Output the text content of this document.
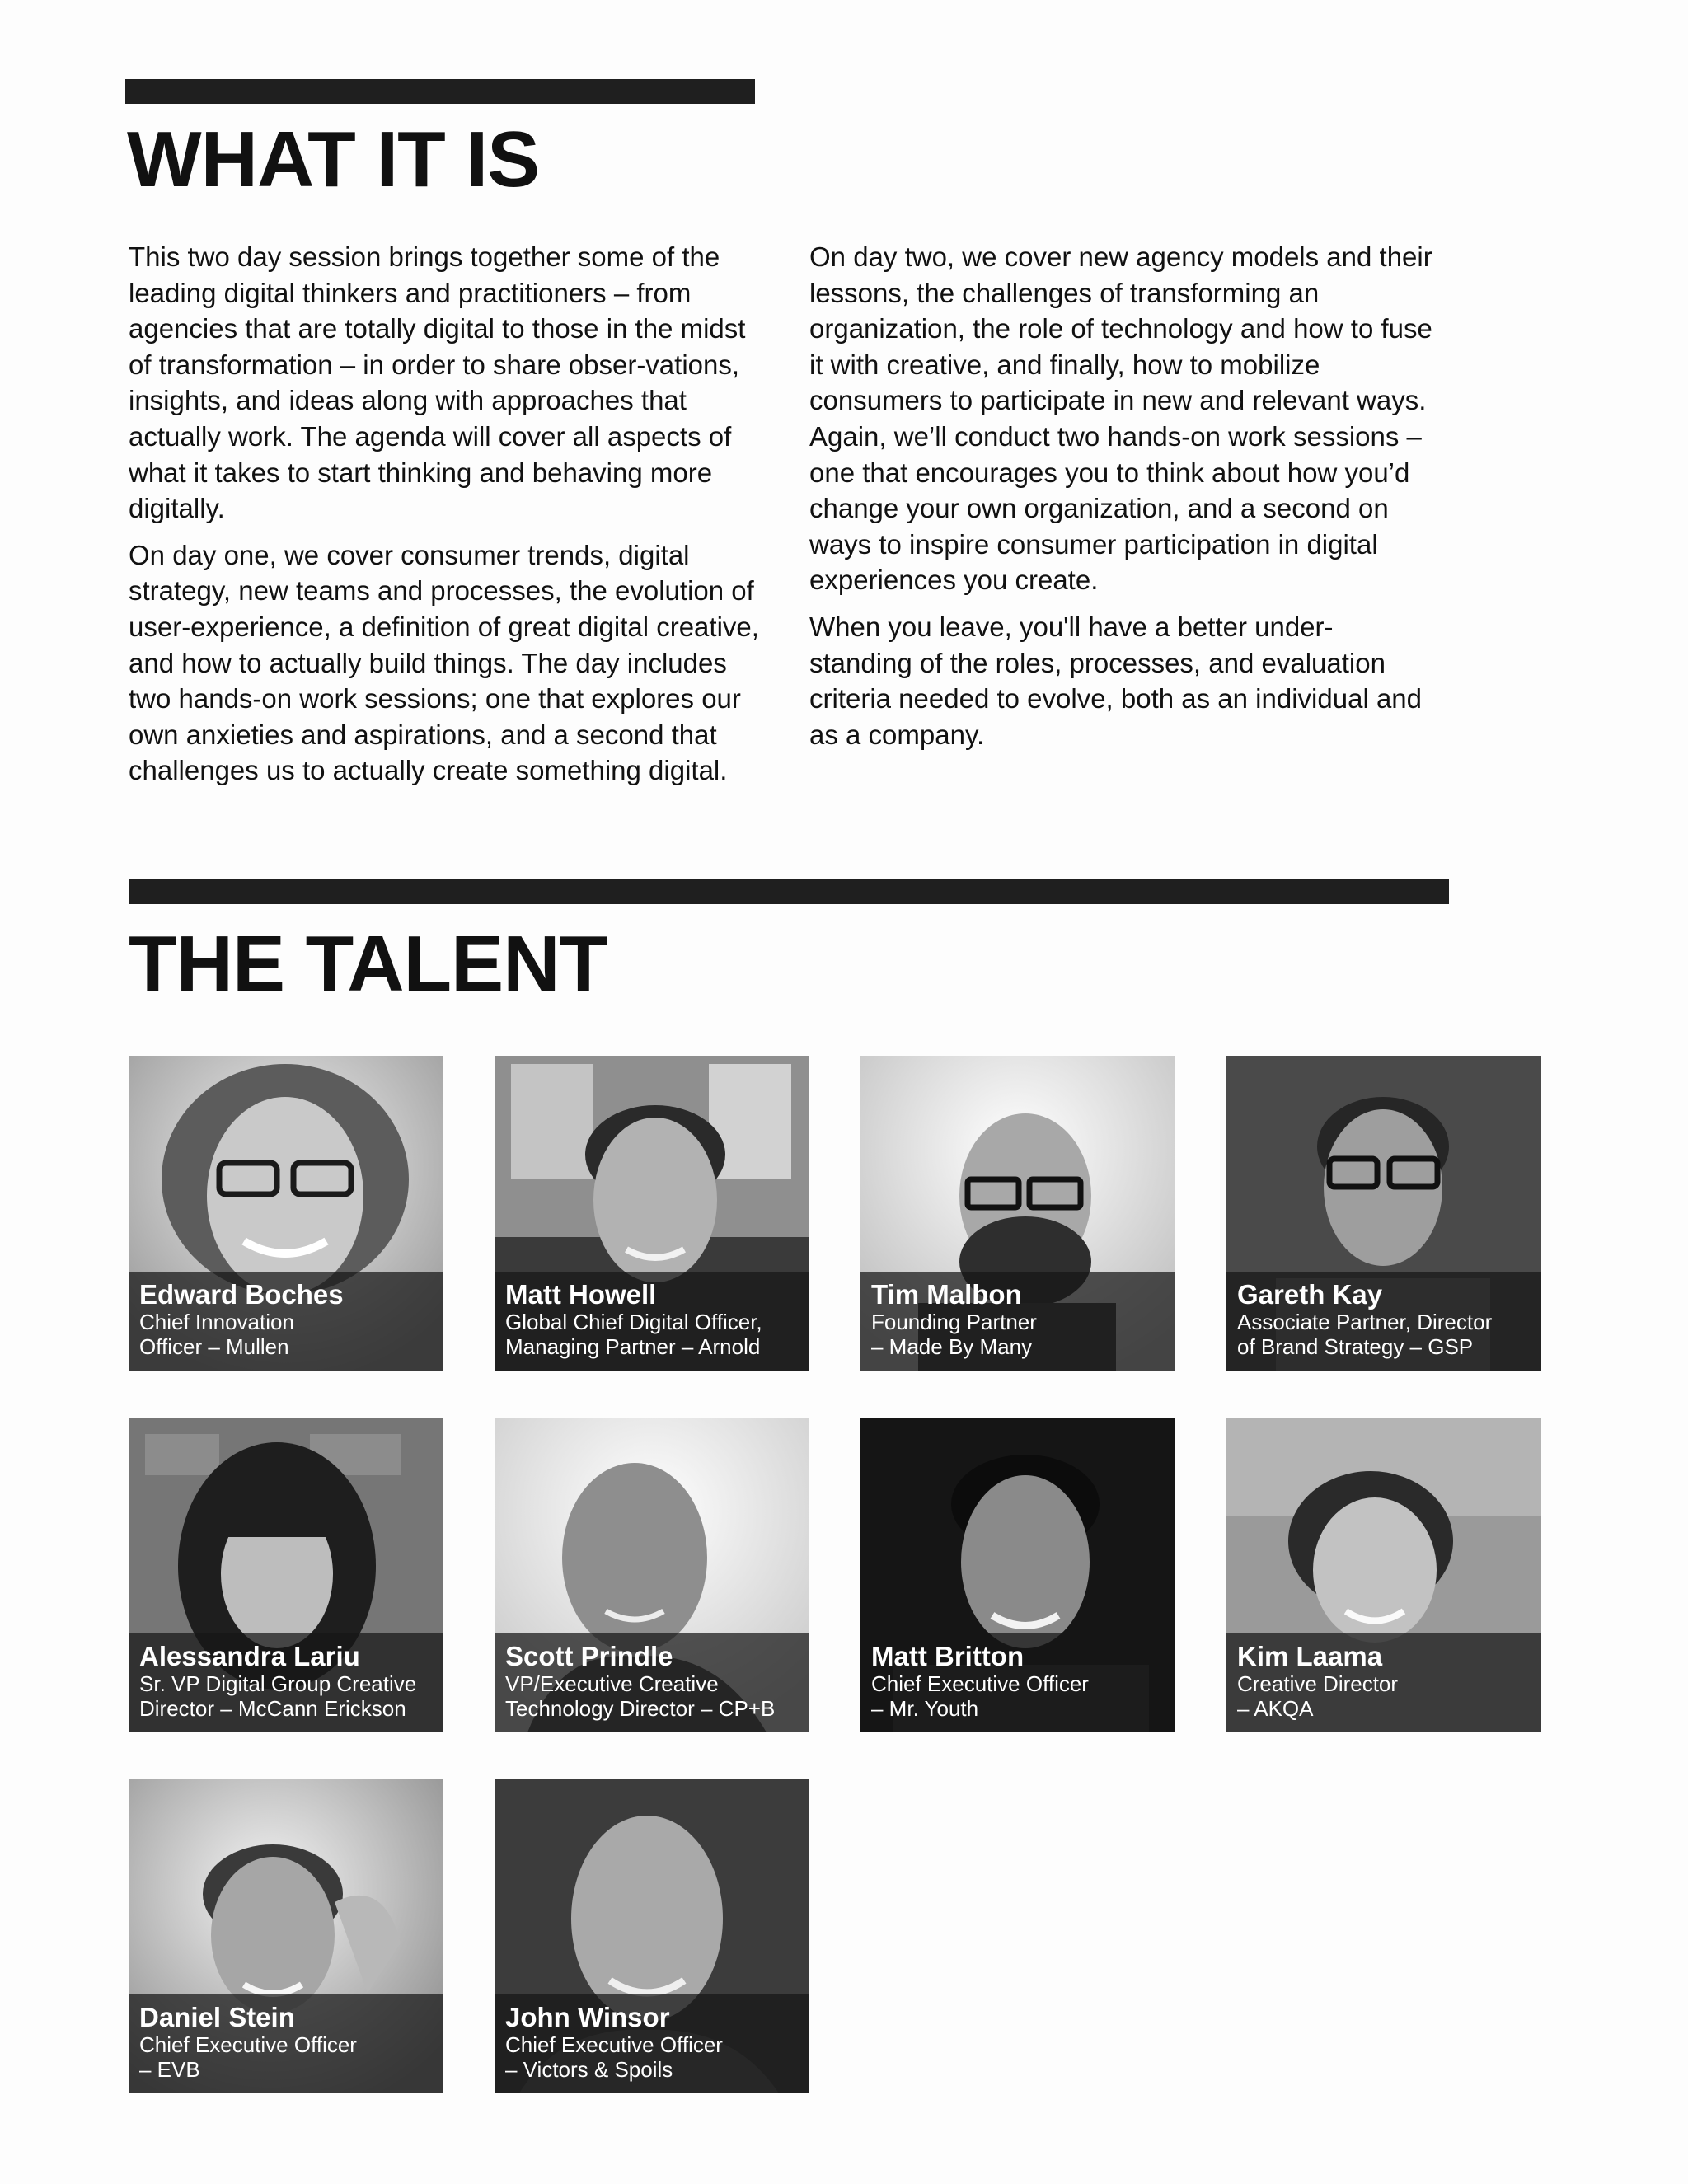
WHAT IT IS

This two day session brings together some of the leading digital thinkers and practitioners – from agencies that are totally digital to those in the midst of transformation – in order to share obser-vations, insights, and ideas along with approaches that actually work. The agenda will cover all aspects of what it takes to start thinking and behaving more digitally.

On day one, we cover consumer trends, digital strategy, new teams and processes, the evolution of user-experience, a definition of great digital creative, and how to actually build things. The day includes two hands-on work sessions; one that explores our own anxieties and aspirations, and a second that challenges us to actually create something digital.

On day two, we cover new agency models and their lessons, the challenges of transforming an organization, the role of technology and how to fuse it with creative, and finally, how to mobilize consumers to participate in new and relevant ways. Again, we’ll conduct two hands-on work sessions – one that encourages you to think about how you’d change your own organization, and a second on ways to inspire consumer participation in digital experiences you create.

When you leave, you'll have a better under-standing of the roles, processes, and evaluation criteria needed to evolve, both as an individual and as a company.

THE TALENT
Edward Boches
Chief Innovation
Officer – Mullen
Matt Howell
Global Chief Digital Officer,
Managing Partner – Arnold
Tim Malbon
Founding Partner
– Made By Many
Gareth Kay
Associate Partner, Director
of Brand Strategy – GSP
Alessandra Lariu
Sr. VP Digital Group Creative
Director – McCann Erickson
Scott Prindle
VP/Executive Creative
Technology Director – CP+B
Matt Britton
Chief Executive Officer
– Mr. Youth
Kim Laama
Creative Director
– AKQA
Daniel Stein
Chief Executive Officer
– EVB
John Winsor
Chief Executive Officer
– Victors & Spoils
